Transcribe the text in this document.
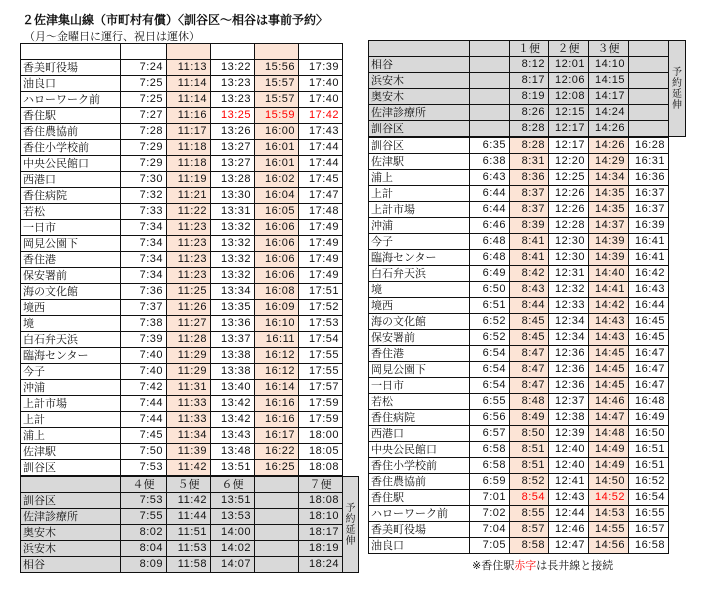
２佐津集山線（市町村有償）〈訓谷区～相谷は事前予約〉
（月～金曜日に運行、祝日は運休）

香美町役場	7:24	11:13	13:22	15:56	17:39
油良口	7:25	11:14	13:23	15:57	17:40
ハローワーク前	7:25	11:14	13:23	15:57	17:40
香住駅	7:27	11:16	13:25	15:59	17:42
香住農協前	7:28	11:17	13:26	16:00	17:43
香住小学校前	7:29	11:18	13:27	16:01	17:44
中央公民館口	7:29	11:18	13:27	16:01	17:44
西港口	7:30	11:19	13:28	16:02	17:45
香住病院	7:32	11:21	13:30	16:04	17:47
若松	7:33	11:22	13:31	16:05	17:48
一日市	7:34	11:23	13:32	16:06	17:49
岡見公園下	7:34	11:23	13:32	16:06	17:49
香住港	7:34	11:23	13:32	16:06	17:49
保安署前	7:34	11:23	13:32	16:06	17:49
海の文化館	7:36	11:25	13:34	16:08	17:51
境西	7:37	11:26	13:35	16:09	17:52
境	7:38	11:27	13:36	16:10	17:53
白石弁天浜	7:39	11:28	13:37	16:11	17:54
臨海センター	7:40	11:29	13:38	16:12	17:55
今子	7:40	11:29	13:38	16:12	17:55
沖浦	7:42	11:31	13:40	16:14	17:57
上計市場	7:44	11:33	13:42	16:16	17:59
上計	7:44	11:33	13:42	16:16	17:59
浦上	7:45	11:34	13:43	16:17	18:00
佐津駅	7:50	11:39	13:48	16:22	18:05
訓谷区	7:53	11:42	13:51	16:25	18:08
	４便	５便	６便		７便	予
約
延
伸

訓谷区	7:53	11:42	13:51		18:08	
佐津診療所	7:55	11:44	13:53		18:10	
奥安木	8:02	11:51	14:00		18:17	
浜安木	8:04	11:53	14:02		18:19	
相谷	8:09	11:58	14:07		18:24	
		１便	２便	３便		予
約
延
伸

相谷		8:12	12:01	14:10		
浜安木		8:17	12:06	14:15		
奥安木		8:19	12:08	14:17		
佐津診療所		8:26	12:15	14:24		
訓谷区		8:28	12:17	14:26		
訓谷区	6:35	8:28	12:17	14:26	16:28
佐津駅	6:38	8:31	12:20	14:29	16:31
浦上	6:43	8:36	12:25	14:34	16:36
上計	6:44	8:37	12:26	14:35	16:37
上計市場	6:44	8:37	12:26	14:35	16:37
沖浦	6:46	8:39	12:28	14:37	16:39
今子	6:48	8:41	12:30	14:39	16:41
臨海センター	6:48	8:41	12:30	14:39	16:41
白石弁天浜	6:49	8:42	12:31	14:40	16:42
境	6:50	8:43	12:32	14:41	16:43
境西	6:51	8:44	12:33	14:42	16:44
海の文化館	6:52	8:45	12:34	14:43	16:45
保安署前	6:52	8:45	12:34	14:43	16:45
香住港	6:54	8:47	12:36	14:45	16:47
岡見公園下	6:54	8:47	12:36	14:45	16:47
一日市	6:54	8:47	12:36	14:45	16:47
若松	6:55	8:48	12:37	14:46	16:48
香住病院	6:56	8:49	12:38	14:47	16:49
西港口	6:57	8:50	12:39	14:48	16:50
中央公民館口	6:58	8:51	12:40	14:49	16:51
香住小学校前	6:58	8:51	12:40	14:49	16:51
香住農協前	6:59	8:52	12:41	14:50	16:52
香住駅	7:01	8:54	12:43	14:52	16:54
ハローワーク前	7:02	8:55	12:44	14:53	16:55
香美町役場	7:04	8:57	12:46	14:55	16:57
油良口	7:05	8:58	12:47	14:56	16:58
※香住駅赤字は長井線と接続
